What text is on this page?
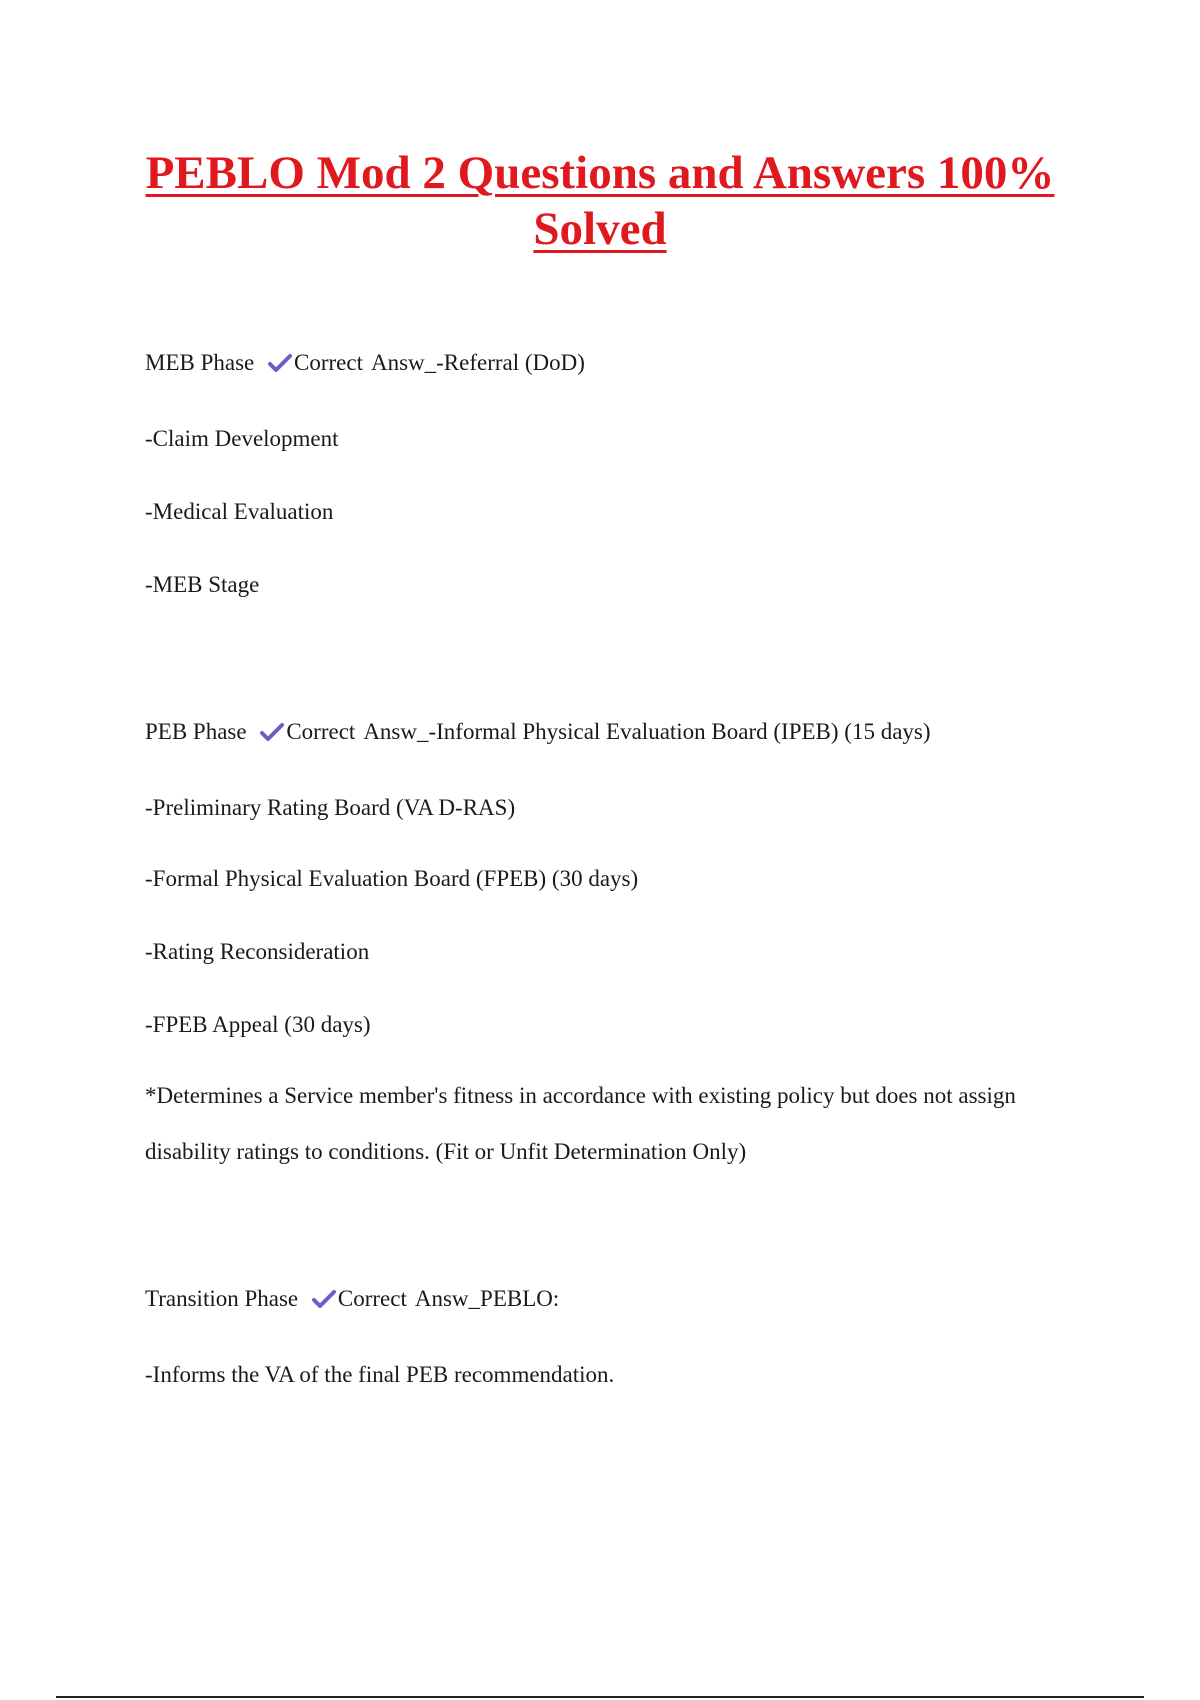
PEBLO Mod 2 Questions and Answers 100%
Solved

MEB Phase Correct Answ_-Referral (DoD)

-Claim Development

-Medical Evaluation

-MEB Stage

PEB Phase Correct Answ_-Informal Physical Evaluation Board (IPEB) (15 days)

-Preliminary Rating Board (VA D-RAS)

-Formal Physical Evaluation Board (FPEB) (30 days)

-Rating Reconsideration

-FPEB Appeal (30 days)

*Determines a Service member's fitness in accordance with existing policy but does not assign

disability ratings to conditions. (Fit or Unfit Determination Only)

Transition Phase Correct Answ_PEBLO:

-Informs the VA of the final PEB recommendation.
